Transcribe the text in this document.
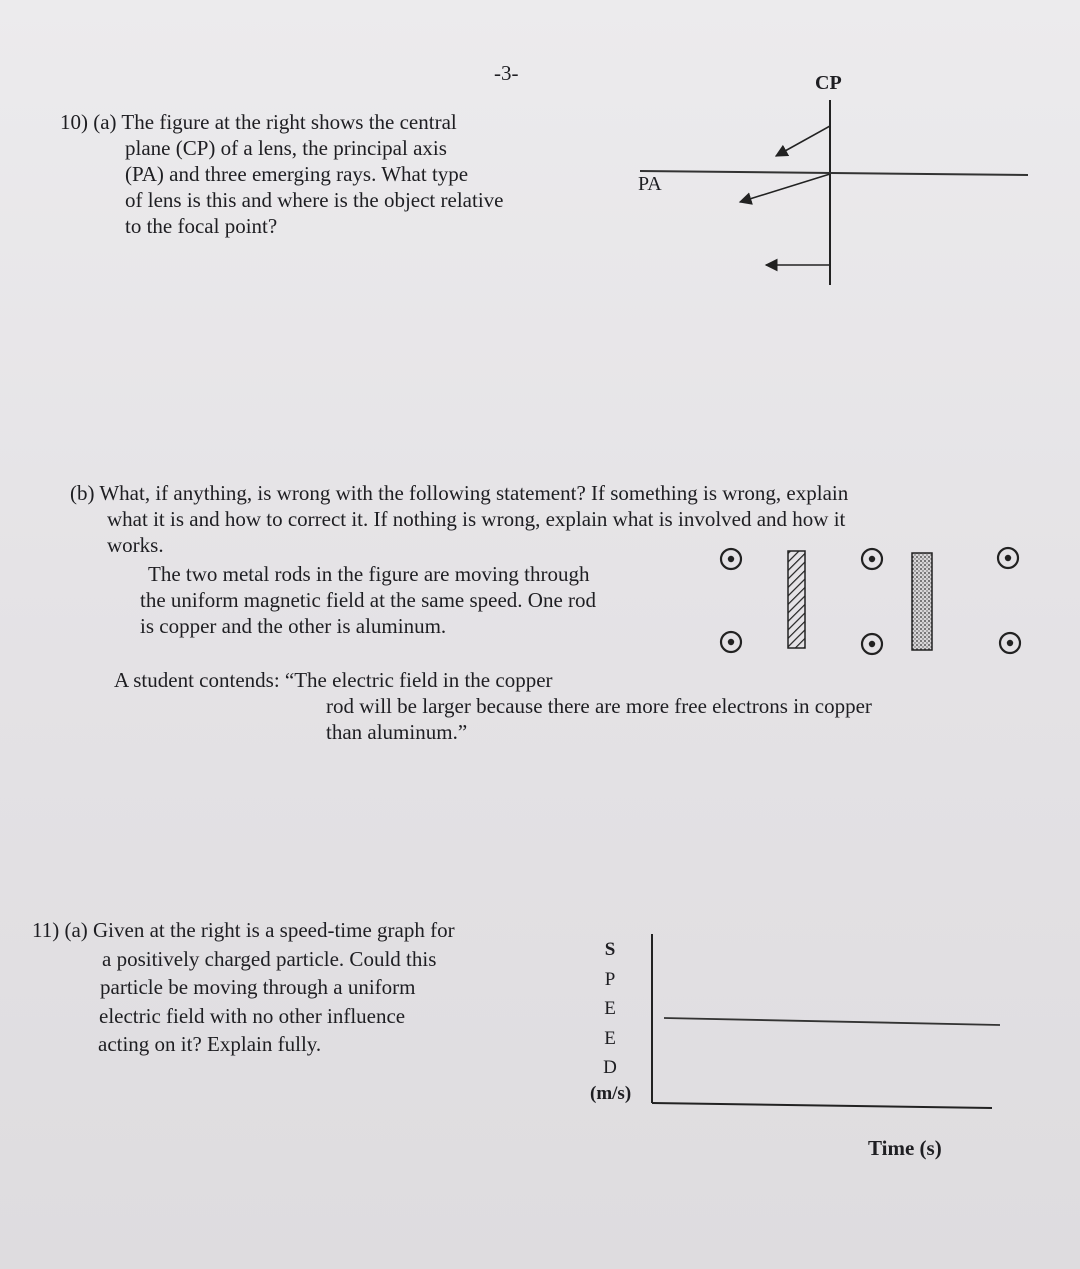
-3-
10) (a) The figure at the right shows the central
plane (CP) of a lens, the principal axis
(PA) and three emerging rays. What type
of lens is this and where is the object relative
to the focal point?
CP
PA
(b) What, if anything, is wrong with the following statement? If something is wrong, explain
what it is and how to correct it. If nothing is wrong, explain what is involved and how it
works.
The two metal rods in the figure are moving through
the uniform magnetic field at the same speed. One rod
is copper and the other is aluminum.
A student contends: “The electric field in the copper
rod will be larger because there are more free electrons in copper
than aluminum.”
11) (a) Given at the right is a speed-time graph for
a positively charged particle. Could this
particle be moving through a uniform
electric field with no other influence
acting on it? Explain fully.
S
P
E
E
D
(m/s)
Time (s)
